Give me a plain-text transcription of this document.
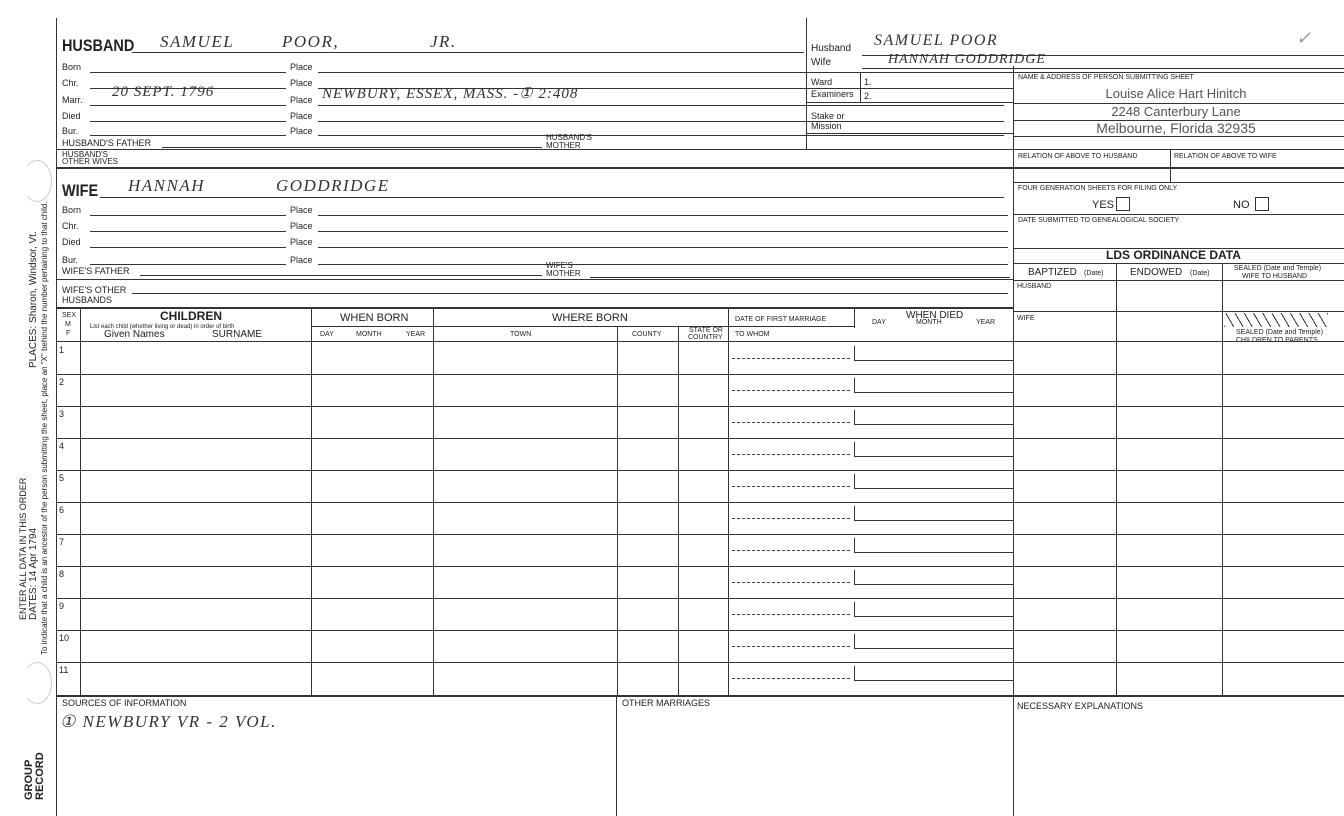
GROUP RECORD
PLACES: Sharon, Windsor, Vt.
ENTER ALL DATA IN THIS ORDER DATES: 14 Apr 1794 To indicate that a child is an ancestor of the person submitting the sheet, place an "X" behind the number pertaining to that child.
HUSBAND SAMUEL	POOR,	JR.
Born	Place
Chr.	Place
Marr. 20 SEPT. 1796	Place NEWBURY, ESSEX, MASS. -① 2:408
Died	Place
Bur.	Place
HUSBAND'S FATHER
HUSBAND'S
MOTHER
HUSBAND'S
OTHER WIVES
Husband SAMUEL POOR
Wife	HANNAH GODDRIDGE
✓
Ward
Examiners
1.
2.
Stake or
Mission
NAME & ADDRESS OF PERSON SUBMITTING SHEET
Louise Alice Hart Hinitch
2248 Canterbury Lane
Melbourne, Florida 32935
RELATION OF ABOVE TO HUSBAND	RELATION OF ABOVE TO WIFE
FOUR GENERATION SHEETS FOR FILING ONLY
YES	NO
DATE SUBMITTED TO GENEALOGICAL SOCIETY
LDS ORDINANCE DATA
BAPTIZED (Date)	ENDOWED (Date)
SEALED (Date and Temple)
WIFE TO HUSBAND
HUSBAND
WIFE
SEALED (Date and Temple)
CHILDREN TO PARENTS
WIFE HANNAH	GODDRIDGE
Born	Place
Chr.	Place
Died	Place
Bur.	Place
WIFE'S FATHER
WIFE'S
MOTHER
WIFE'S OTHER
HUSBANDS
SEX
M
F
CHILDREN
List each child (whether living or dead) in order of birth
Given Names	SURNAME
WHEN BORN
DAY	MONTH	YEAR
WHERE BORN
TOWN	COUNTY
STATE OR
COUNTRY
DATE OF FIRST MARRIAGE
TO WHOM
WHEN DIED
DAY	MONTH	YEAR
1
2
3
4
5
6
7
8
9
10
11
SOURCES OF INFORMATION
① NEWBURY VR - 2 VOL.
OTHER MARRIAGES	NECESSARY EXPLANATIONS
